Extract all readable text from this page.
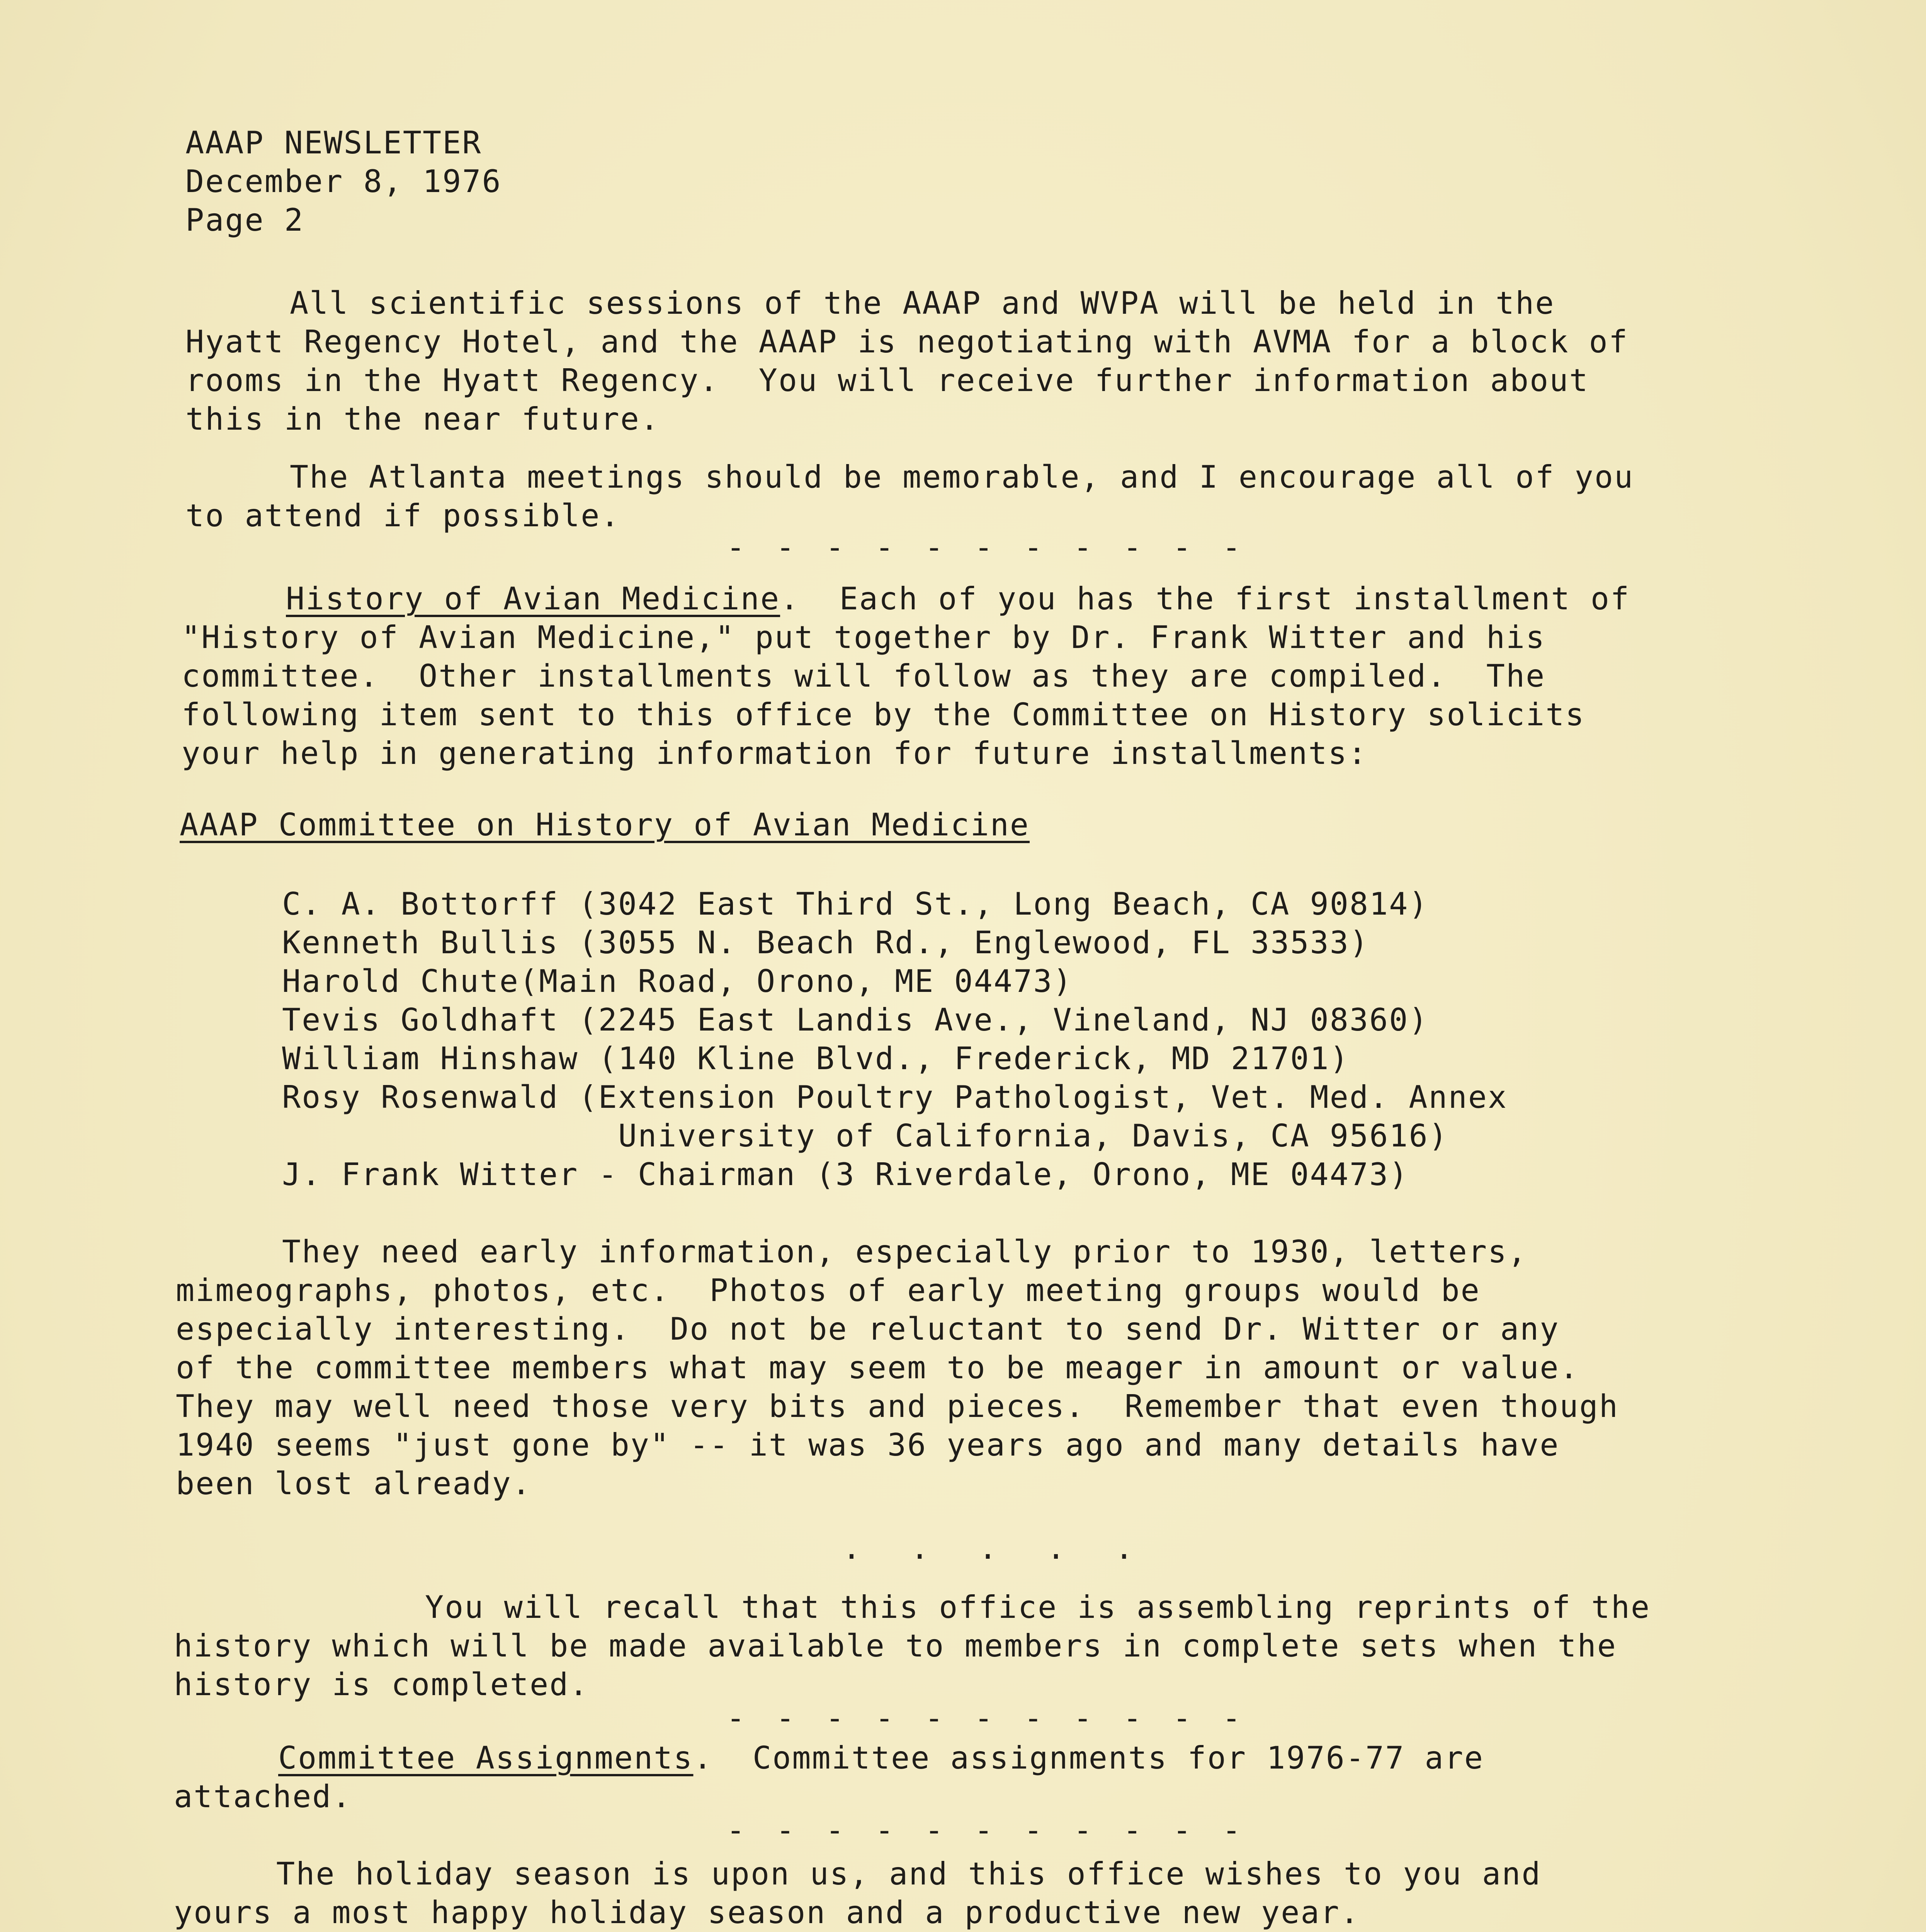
AAAP NEWSLETTER
December 8, 1976
Page 2
All scientific sessions of the AAAP and WVPA will be held in the
Hyatt Regency Hotel, and the AAAP is negotiating with AVMA for a block of
rooms in the Hyatt Regency.  You will receive further information about
this in the near future.
The Atlanta meetings should be memorable, and I encourage all of you
to attend if possible.
- - - - - - - - - - -
History of Avian Medicine.  Each of you has the first installment of
"History of Avian Medicine," put together by Dr. Frank Witter and his
committee.  Other installments will follow as they are compiled.  The
following item sent to this office by the Committee on History solicits
your help in generating information for future installments:
AAAP Committee on History of Avian Medicine
C. A. Bottorff (3042 East Third St., Long Beach, CA 90814)
Kenneth Bullis (3055 N. Beach Rd., Englewood, FL 33533)
Harold Chute(Main Road, Orono, ME 04473)
Tevis Goldhaft (2245 East Landis Ave., Vineland, NJ 08360)
William Hinshaw (140 Kline Blvd., Frederick, MD 21701)
Rosy Rosenwald (Extension Poultry Pathologist, Vet. Med. Annex
University of California, Davis, CA 95616)
J. Frank Witter - Chairman (3 Riverdale, Orono, ME 04473)
They need early information, especially prior to 1930, letters,
mimeographs, photos, etc.  Photos of early meeting groups would be
especially interesting.  Do not be reluctant to send Dr. Witter or any
of the committee members what may seem to be meager in amount or value.
They may well need those very bits and pieces.  Remember that even though
1940 seems "just gone by" -- it was 36 years ago and many details have
been lost already.
. . . . .
You will recall that this office is assembling reprints of the
history which will be made available to members in complete sets when the
history is completed.
- - - - - - - - - - -
Committee Assignments.  Committee assignments for 1976-77 are
attached.
- - - - - - - - - - -
The holiday season is upon us, and this office wishes to you and
yours a most happy holiday season and a productive new year.
